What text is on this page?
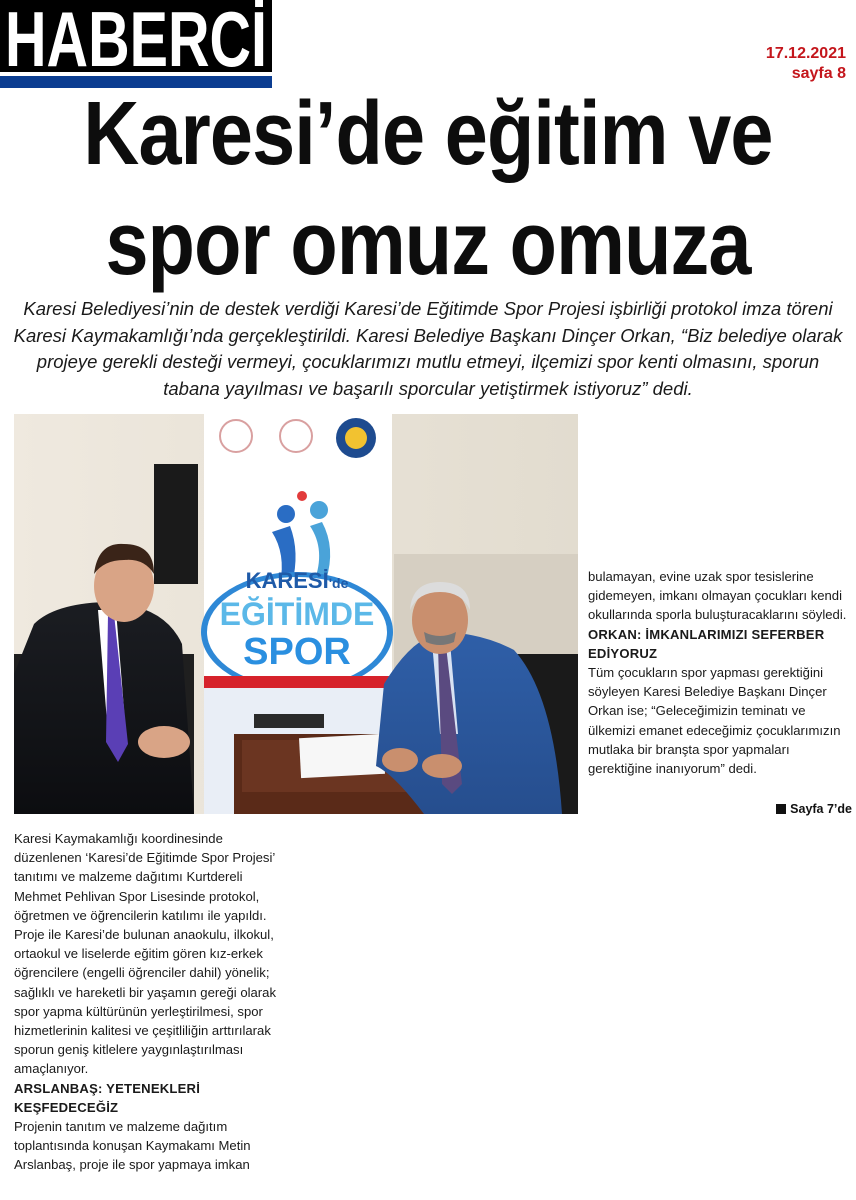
HABERCİ	17.12.2021
sayfa 8
Karesi’de eğitim ve
spor omuz omuza
Karesi Belediyesi’nin de destek verdiği Karesi’de Eğitimde Spor Projesi işbirliği protokol imza töreni Karesi Kaymakamlığı’nda gerçekleştirildi. Karesi Belediye Başkanı Dinçer Orkan, “Biz belediye olarak projeye gerekli desteği vermeyi, çocuklarımızı mutlu etmeyi, ilçemizi spor kenti olmasını, sporun tabana yayılması ve başarılı sporcular yetiştirmek istiyoruz” dedi.
KARESİ'de
EĞİTİMDE
SPOR

bulamayan, evine uzak spor tesislerine gidemeyen, imkanı olmayan çocukları kendi okullarında sporla buluşturacaklarını söyledi.

ORKAN: İMKANLARIMIZI SEFERBER EDİYORUZ

Tüm çocukların spor yapması gerektiğini söyleyen Karesi Belediye Başkanı Dinçer Orkan ise; “Geleceğimizin teminatı ve ülkemizi emanet edeceğimiz çocuklarımızın mutlaka bir branşta spor yapmaları gerektiğine inanıyorum” dedi.

Sayfa 7’de

Karesi Kaymakamlığı koordinesinde düzenlenen ‘Karesi’de Eğitimde Spor Projesi’ tanıtımı ve malzeme dağıtımı Kurtdereli Mehmet Pehlivan Spor Lisesinde protokol, öğretmen ve öğrencilerin katılımı ile yapıldı.

Proje ile Karesi’de bulunan anaokulu, ilkokul, ortaokul ve liselerde eğitim gören kız-erkek öğrencilere (engelli öğrenciler dahil) yönelik; sağlıklı ve hareketli bir yaşamın gereği olarak spor yapma kültürünün yerleştirilmesi, spor hizmetlerinin kalitesi ve çeşitliliğin arttırılarak sporun geniş kitlelere yaygınlaştırılması amaçlanıyor.

ARSLANBAŞ: YETENEKLERİ KEŞFEDECEĞİZ

Projenin tanıtım ve malzeme dağıtım toplantısında konuşan Kaymakamı Metin Arslanbaş, proje ile spor yapmaya imkan
